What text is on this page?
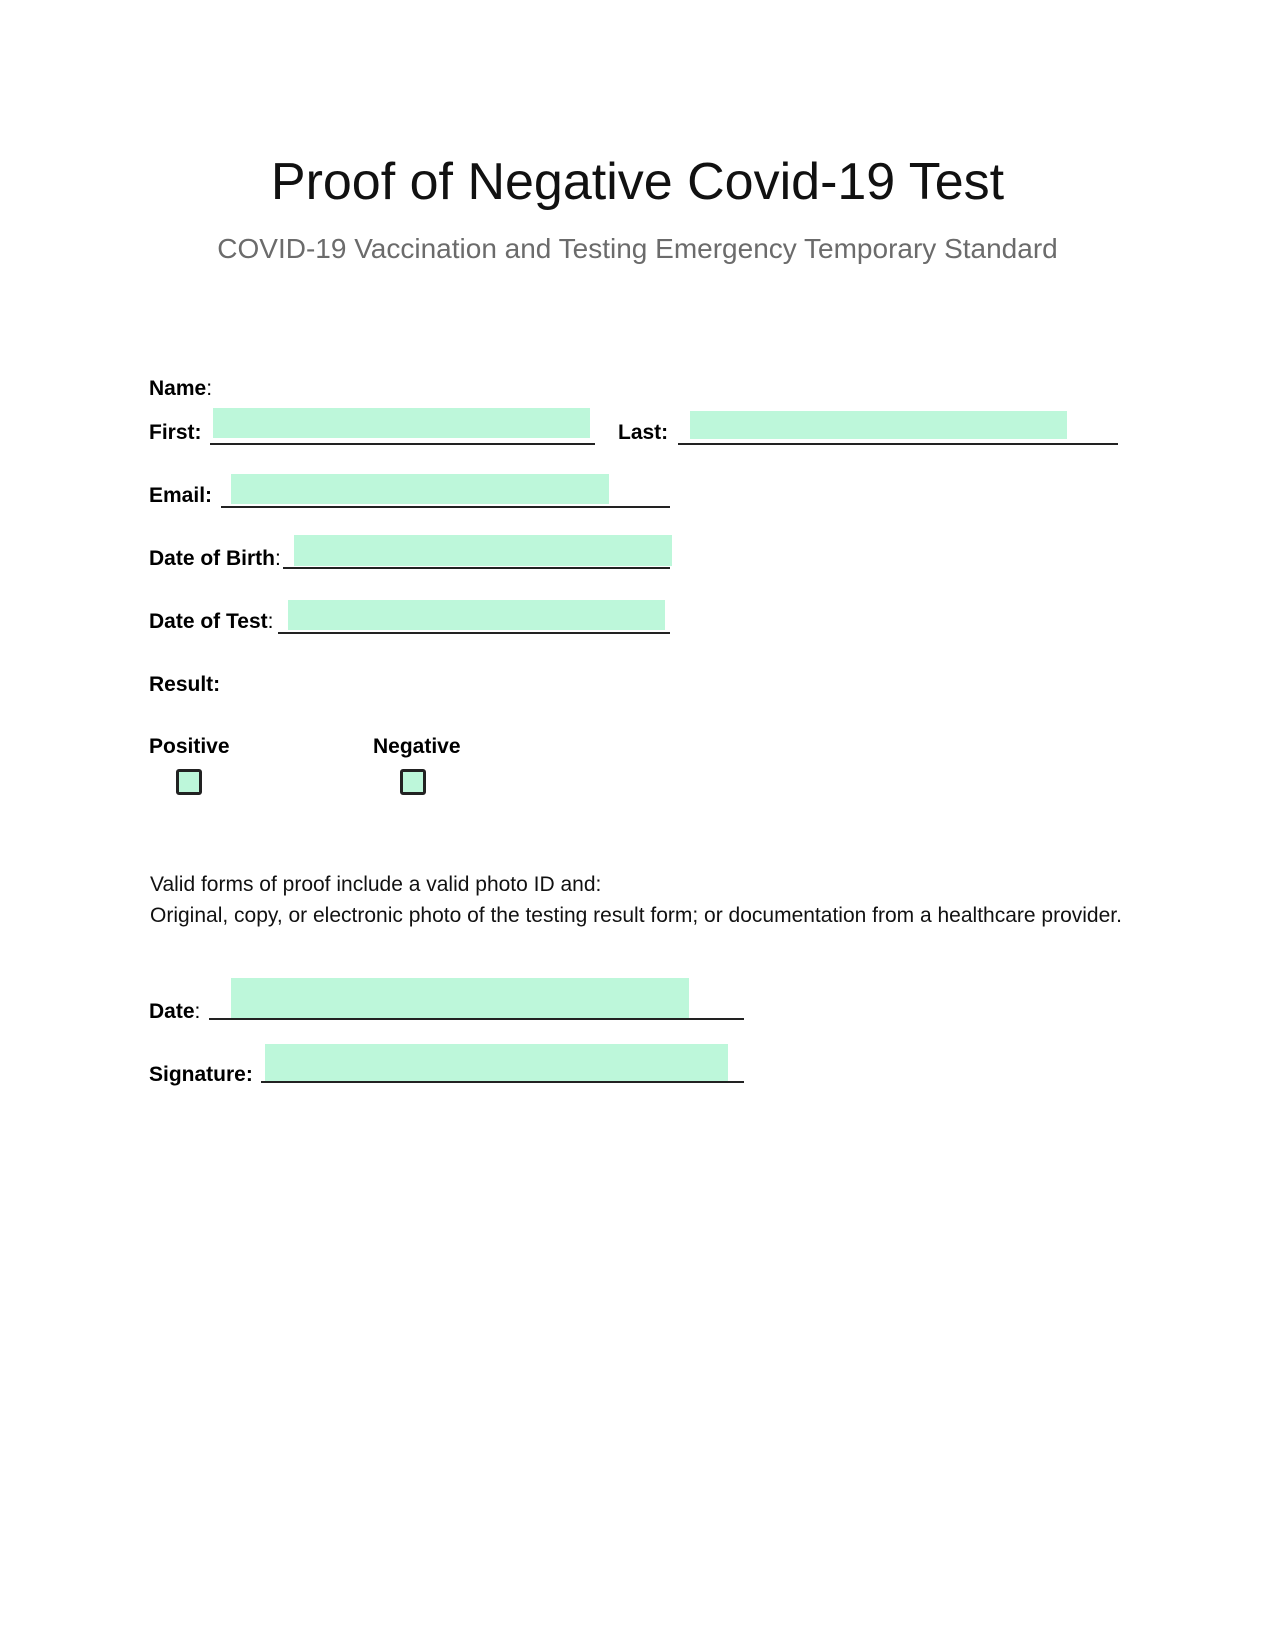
Proof of Negative Covid-19 Test

COVID-19 Vaccination and Testing Emergency Temporary Standard

Name:
First:	Last:
Email:
Date of Birth:
Date of Test:
Result:
Positive	Negative

Valid forms of proof include a valid photo ID and:

Original, copy, or electronic photo of the testing result form; or documentation from a healthcare provider.

Date:
Signature:
